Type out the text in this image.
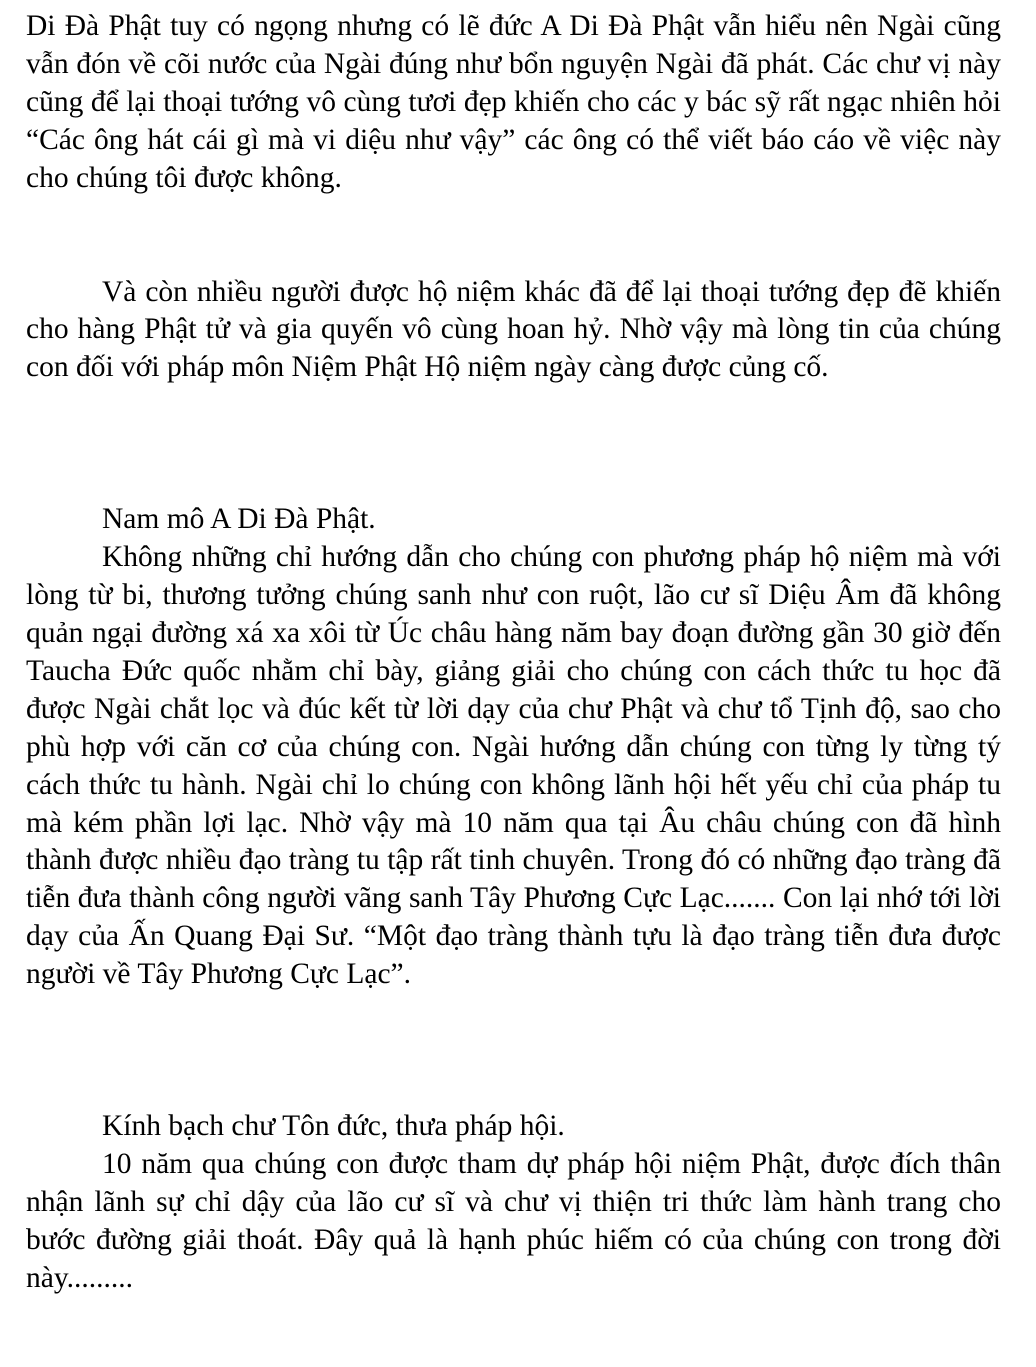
Di Đà Phật tuy có ngọng nhưng có lẽ đức A Di Đà Phật vẫn hiểu nên Ngài cũng vẫn đón về cõi nước của Ngài đúng như bổn nguyện Ngài đã phát. Các chư vị này cũng để lại thoại tướng vô cùng tươi đẹp khiến cho các y bác sỹ rất ngạc nhiên hỏi “Các ông hát cái gì mà vi diệu như vậy” các ông có thể viết báo cáo về việc này cho chúng tôi được không.

Và còn nhiều người được hộ niệm khác đã để lại thoại tướng đẹp đẽ khiến cho hàng Phật tử và gia quyến vô cùng hoan hỷ. Nhờ vậy mà lòng tin của chúng con đối với pháp môn Niệm Phật Hộ niệm ngày càng được củng cố.

Nam mô A Di Đà Phật.

Không những chỉ hướng dẫn cho chúng con phương pháp hộ niệm mà với lòng từ bi, thương tưởng chúng sanh như con ruột, lão cư sĩ Diệu Âm đã không quản ngại đường xá xa xôi từ Úc châu hàng năm bay đoạn đường gần 30 giờ đến Taucha Đức quốc nhằm chỉ bày, giảng giải cho chúng con cách thức tu học đã được Ngài chắt lọc và đúc kết từ lời dạy của chư Phật và chư tổ Tịnh độ, sao cho phù hợp với căn cơ của chúng con. Ngài hướng dẫn chúng con từng ly từng tý cách thức tu hành. Ngài chỉ lo chúng con không lãnh hội hết yếu chỉ của pháp tu mà kém phần lợi lạc. Nhờ vậy mà 10 năm qua tại Âu châu chúng con đã hình thành được nhiều đạo tràng tu tập rất tinh chuyên. Trong đó có những đạo tràng đã tiễn đưa thành công người vãng sanh Tây Phương Cực Lạc....... Con lại nhớ tới lời dạy của Ấn Quang Đại Sư. “Một đạo tràng thành tựu là đạo tràng tiễn đưa được người về Tây Phương Cực Lạc”.

Kính bạch chư Tôn đức, thưa pháp hội.

10 năm qua chúng con được tham dự pháp hội niệm Phật, được đích thân nhận lãnh sự chỉ dậy của lão cư sĩ và chư vị thiện tri thức làm hành trang cho bước đường giải thoát. Đây quả là hạnh phúc hiếm có của chúng con trong đời này.........
